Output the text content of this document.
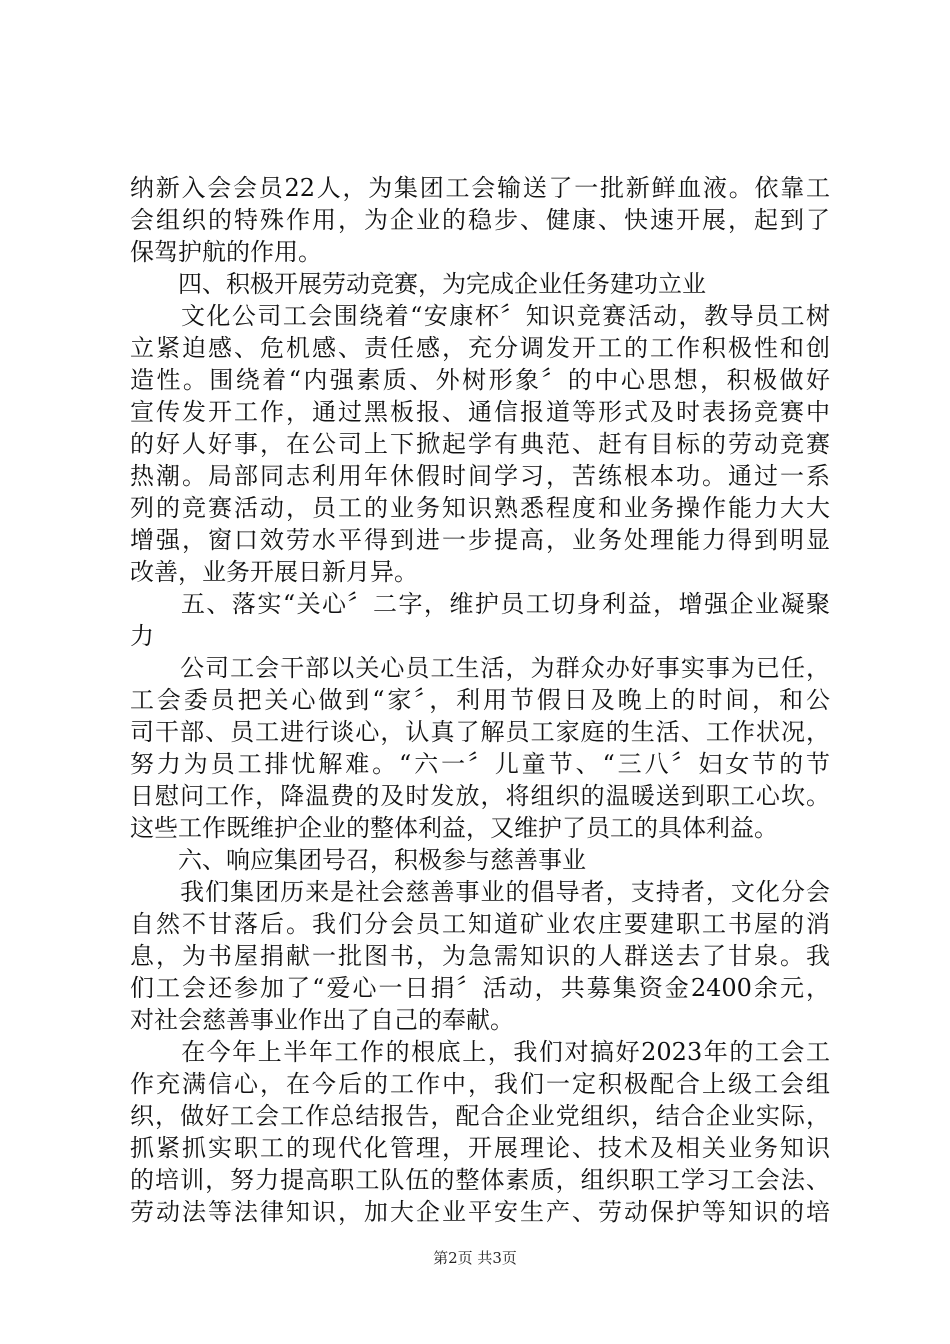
纳新入会会员22人，为集团工会输送了一批新鲜血液。依靠工
会组织的特殊作用，为企业的稳步、健康、快速开展，起到了
保驾护航的作用。
　　四、积极开展劳动竞赛，为完成企业任务建功立业
　　文化公司工会围绕着“安康杯〞知识竞赛活动，教导员工树
立紧迫感、危机感、责任感，充分调发开工的工作积极性和创
造性。围绕着“内强素质、外树形象〞的中心思想，积极做好
宣传发开工作，通过黑板报、通信报道等形式及时表扬竞赛中
的好人好事，在公司上下掀起学有典范、赶有目标的劳动竞赛
热潮。局部同志利用年休假时间学习，苦练根本功。通过一系
列的竞赛活动，员工的业务知识熟悉程度和业务操作能力大大
增强，窗口效劳水平得到进一步提高，业务处理能力得到明显
改善，业务开展日新月异。
　　五、落实“关心〞二字，维护员工切身利益，增强企业凝聚
力
　　公司工会干部以关心员工生活，为群众办好事实事为已任，
工会委员把关心做到“家〞，利用节假日及晚上的时间，和公
司干部、员工进行谈心，认真了解员工家庭的生活、工作状况，
努力为员工排忧解难。“六一〞儿童节、“三八〞妇女节的节
日慰问工作，降温费的及时发放，将组织的温暖送到职工心坎。
这些工作既维护企业的整体利益，又维护了员工的具体利益。
　　六、响应集团号召，积极参与慈善事业
　　我们集团历来是社会慈善事业的倡导者，支持者，文化分会
自然不甘落后。我们分会员工知道矿业农庄要建职工书屋的消
息，为书屋捐献一批图书，为急需知识的人群送去了甘泉。我
们工会还参加了“爱心一日捐〞活动，共募集资金2400余元，
对社会慈善事业作出了自己的奉献。
　　在今年上半年工作的根底上，我们对搞好2023年的工会工
作充满信心，在今后的工作中，我们一定积极配合上级工会组
织，做好工会工作总结报告，配合企业党组织，结合企业实际，
抓紧抓实职工的现代化管理，开展理论、技术及相关业务知识
的培训，努力提高职工队伍的整体素质，组织职工学习工会法、
劳动法等法律知识，加大企业平安生产、劳动保护等知识的培
第2页 共3页
